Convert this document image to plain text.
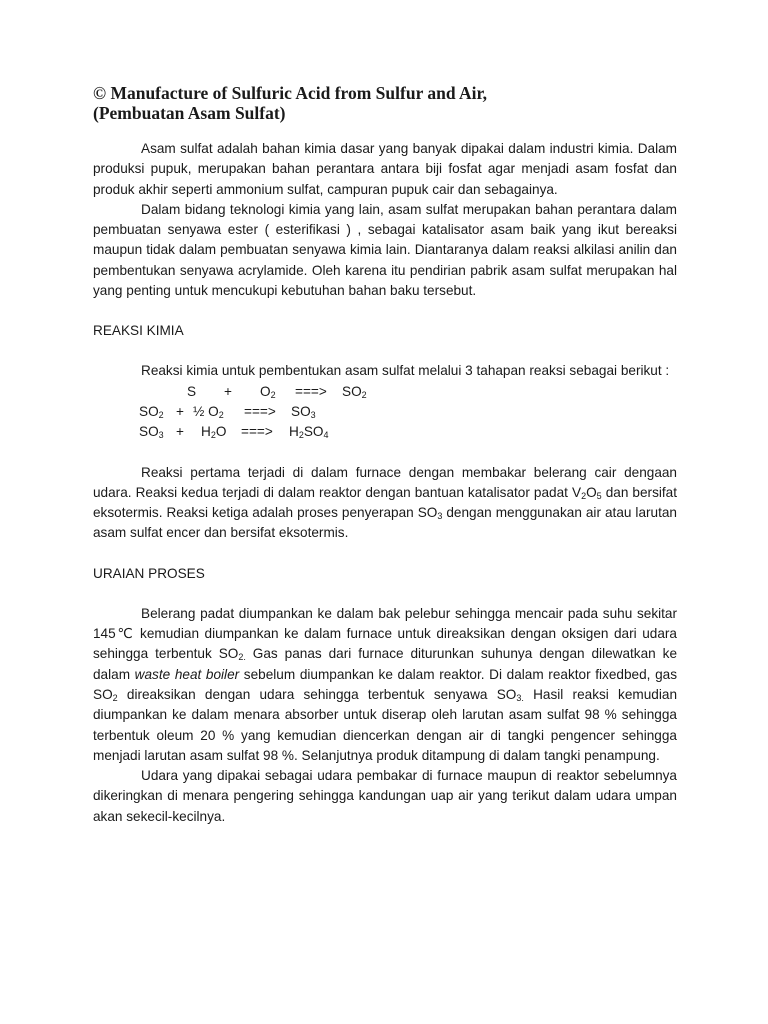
© Manufacture of Sulfuric Acid from Sulfur and Air,
(Pembuatan Asam Sulfat)

Asam sulfat adalah bahan kimia dasar yang banyak dipakai dalam industri kimia. Dalam produksi pupuk, merupakan bahan perantara antara biji fosfat agar menjadi asam fosfat dan produk akhir seperti ammonium sulfat, campuran pupuk cair dan sebagainya.

Dalam bidang teknologi kimia yang lain, asam sulfat merupakan bahan perantara dalam pembuatan senyawa ester ( esterifikasi ) , sebagai katalisator asam baik yang ikut bereaksi maupun tidak dalam pembuatan senyawa kimia lain. Diantaranya dalam reaksi alkilasi anilin dan pembentukan senyawa acrylamide. Oleh karena itu pendirian pabrik asam sulfat merupakan hal yang penting untuk mencukupi kebutuhan bahan baku tersebut.

REAKSI KIMIA

Reaksi kimia untuk pembentukan asam sulfat melalui 3 tahapan reaksi sebagai berikut :

$S + O_2$ ===> $SO_2$
$SO_2$ + ½ $O_2$ ===> $SO_3$
$SO_3 + H_2O$ ===> $H_2SO_4$

Reaksi pertama terjadi di dalam furnace dengan membakar belerang cair dengaan udara. Reaksi kedua terjadi di dalam reaktor dengan bantuan katalisator padat $V_2O_5$ dan bersifat eksotermis. Reaksi ketiga adalah proses penyerapan $SO_3$ dengan menggunakan air atau larutan asam sulfat encer dan bersifat eksotermis.

URAIAN PROSES

Belerang padat diumpankan ke dalam bak pelebur sehingga mencair pada suhu sekitar 145℃ kemudian diumpankan ke dalam furnace untuk direaksikan dengan oksigen dari udara sehingga terbentuk $SO_{2.}$ Gas panas dari furnace diturunkan suhunya dengan dilewatkan ke dalam waste heat boiler sebelum diumpankan ke dalam reaktor. Di dalam reaktor fixedbed, gas $SO_2$ direaksikan dengan udara sehingga terbentuk senyawa $SO_{3.}$ Hasil reaksi kemudian diumpankan ke dalam menara absorber untuk diserap oleh larutan asam sulfat 98 % sehingga terbentuk oleum 20 % yang kemudian diencerkan dengan air di tangki pengencer sehingga menjadi larutan asam sulfat 98 %. Selanjutnya produk ditampung di dalam tangki penampung.

Udara yang dipakai sebagai udara pembakar di furnace maupun di reaktor sebelumnya dikeringkan di menara pengering sehingga kandungan uap air yang terikut dalam udara umpan akan sekecil-kecilnya.
